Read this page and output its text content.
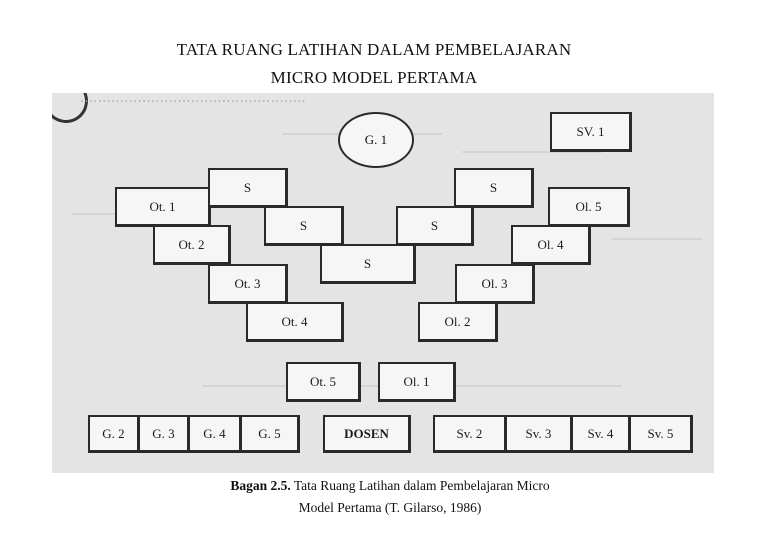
TATA RUANG LATIHAN DALAM PEMBELAJARAN
MICRO MODEL PERTAMA
···················································
G. 1
SV. 1
Ot. 1
Ot. 2
Ot. 3
Ot. 4
S
S
S
S
S
Ol. 5
Ol. 4
Ol. 3
Ol. 2
Ot. 5	Ol. 1
G. 2 G. 3 G. 4	G. 5	DOSEN	Sv. 2	Sv. 3	Sv. 4	Sv. 5
Bagan 2.5. Tata Ruang Latihan dalam Pembelajaran Micro
Model Pertama (T. Gilarso, 1986)
